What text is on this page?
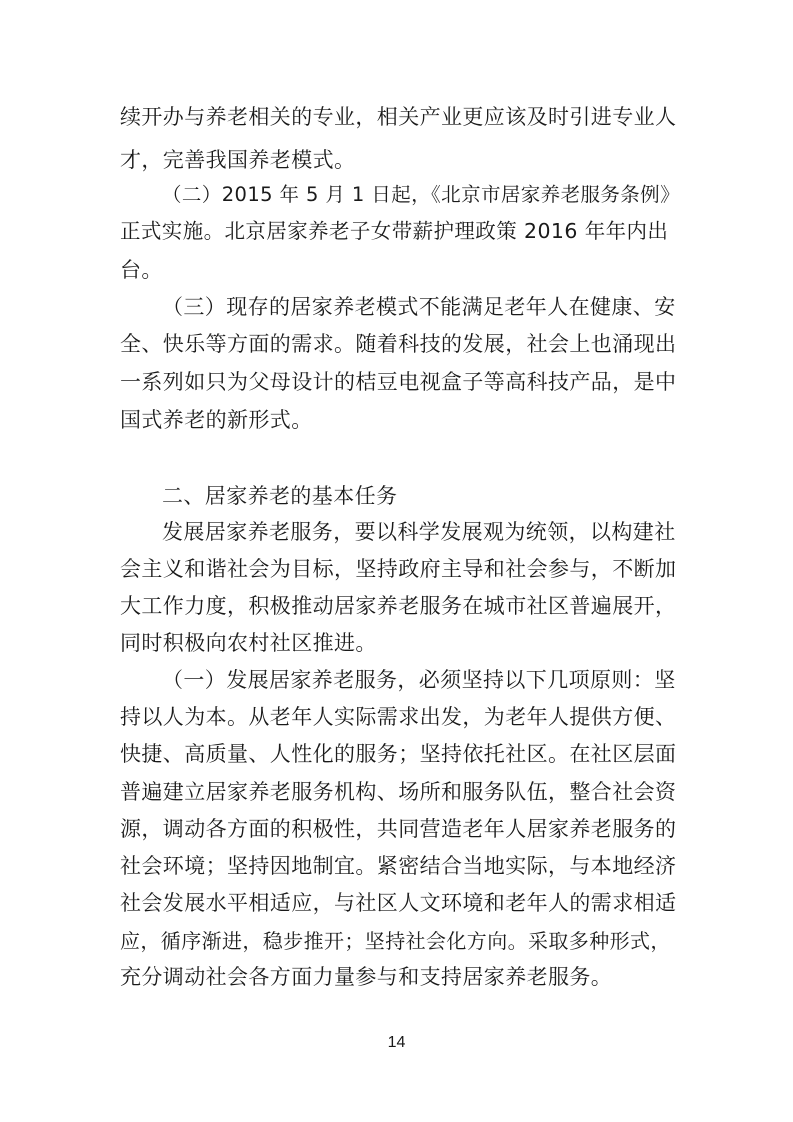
续开办与养老相关的专业，相关产业更应该及时引进专业人
才，完善我国养老模式。
（二）2015 年 5 月 1 日起，《北京市居家养老服务条例》
正式实施。北京居家养老子女带薪护理政策 2016 年年内出
台。
（三）现存的居家养老模式不能满足老年人在健康、安
全、快乐等方面的需求。随着科技的发展，社会上也涌现出
一系列如只为父母设计的桔豆电视盒子等高科技产品，是中
国式养老的新形式。
二、居家养老的基本任务
发展居家养老服务，要以科学发展观为统领，以构建社
会主义和谐社会为目标，坚持政府主导和社会参与，不断加
大工作力度，积极推动居家养老服务在城市社区普遍展开，
同时积极向农村社区推进。
（一）发展居家养老服务，必须坚持以下几项原则：坚
持以人为本。从老年人实际需求出发，为老年人提供方便、
快捷、高质量、人性化的服务；坚持依托社区。在社区层面
普遍建立居家养老服务机构、场所和服务队伍，整合社会资
源，调动各方面的积极性，共同营造老年人居家养老服务的
社会环境；坚持因地制宜。紧密结合当地实际，与本地经济
社会发展水平相适应，与社区人文环境和老年人的需求相适
应，循序渐进，稳步推开；坚持社会化方向。采取多种形式，
充分调动社会各方面力量参与和支持居家养老服务。
14
